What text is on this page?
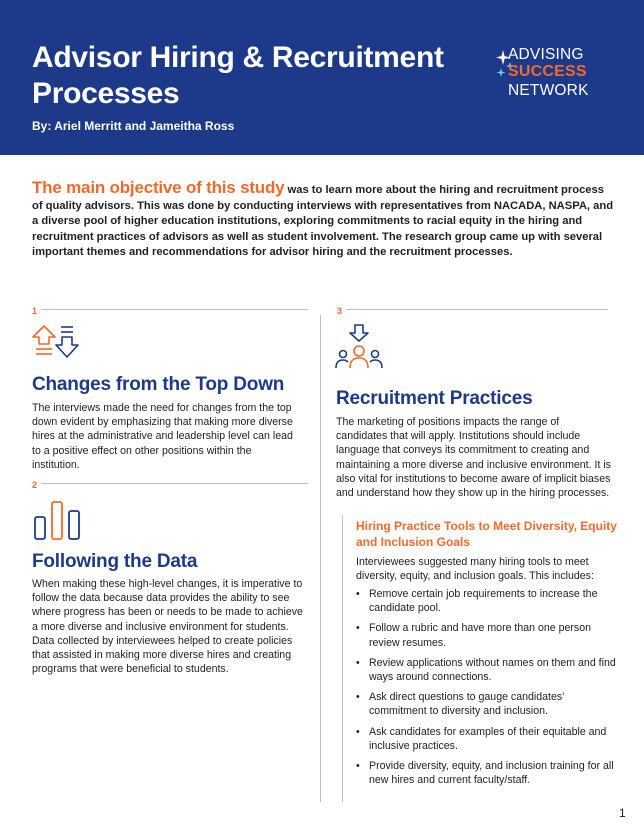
Advisor Hiring & Recruitment Processes
By: Ariel Merritt and Jameitha Ross
ADVISING
SUCCESS
NETWORK
The main objective of this study was to learn more about the hiring and recruitment process of quality advisors. This was done by conducting interviews with representatives from NACADA, NASPA, and a diverse pool of higher education institutions, exploring commitments to racial equity in the hiring and recruitment practices of advisors as well as student involvement. The research group came up with several important themes and recommendations for advisor hiring and the recruitment processes.
1
Changes from the Top Down
The interviews made the need for changes from the top down evident by emphasizing that making more diverse hires at the administrative and leadership level can lead to a positive effect on other positions within the institution.
2
Following the Data
When making these high-level changes, it is imperative to follow the data because data provides the ability to see where progress has been or needs to be made to achieve a more diverse and inclusive environment for students. Data collected by interviewees helped to create policies that assisted in making more diverse hires and creating programs that were beneficial to students.
3
Recruitment Practices
The marketing of positions impacts the range of candidates that will apply. Institutions should include language that conveys its commitment to creating and maintaining a more diverse and inclusive environment. It is also vital for institutions to become aware of implicit biases and understand how they show up in the hiring processes.
Hiring Practice Tools to Meet Diversity, Equity and Inclusion Goals
Interviewees suggested many hiring tools to meet diversity, equity, and inclusion goals. This includes:
• Remove certain job requirements to increase the candidate pool.
• Follow a rubric and have more than one person review resumes.
• Review applications without names on them and find ways around connections.
• Ask direct questions to gauge candidates’ commitment to diversity and inclusion.
• Ask candidates for examples of their equitable and inclusive practices.
• Provide diversity, equity, and inclusion training for all new hires and current faculty/staff.
1
